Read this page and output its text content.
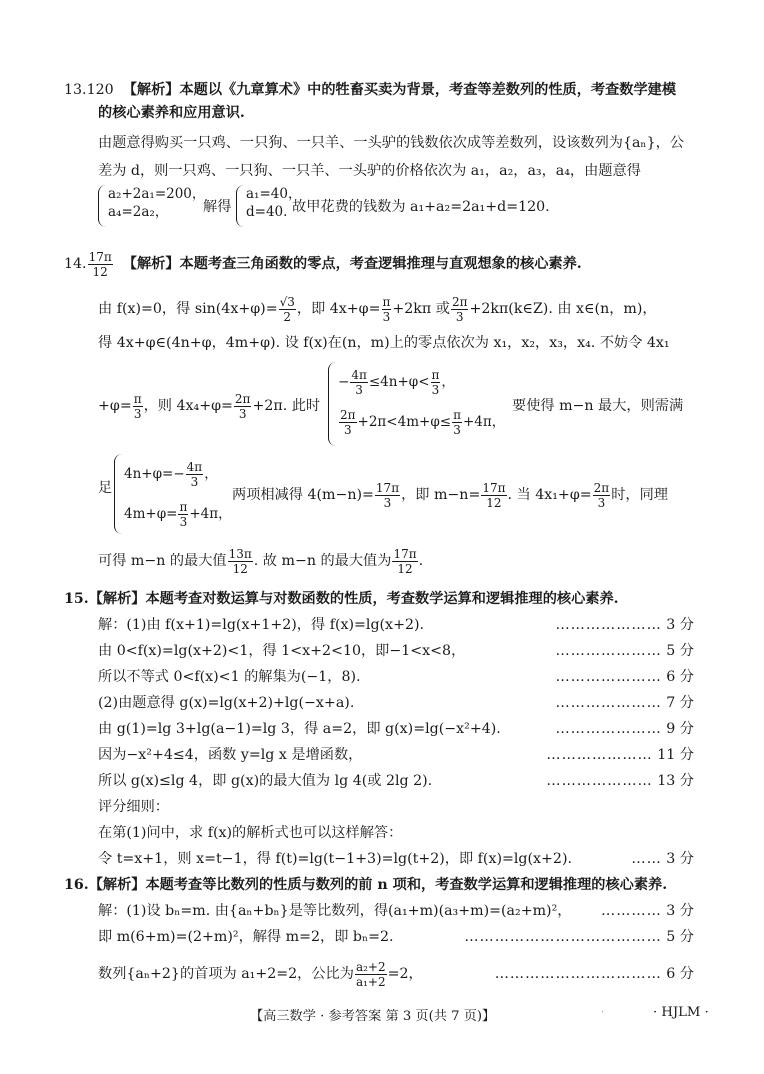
13.120 【解析】本题以《九章算术》中的牲畜买卖为背景，考查等差数列的性质，考查数学建模
的核心素养和应用意识.
由题意得购买一只鸡、一只狗、一只羊、一头驴的钱数依次成等差数列，设该数列为{aₙ}，公
差为 d，则一只鸡、一只狗、一只羊、一头驴的价格依次为 a₁，a₂，a₃，a₄，由题意得
a₂+2a₁=200，
a₄=2a₂，	解得
a₁=40，
d=40. 故甲花费的钱数为 a₁+a₂=2a₁+d=120.
14. $\frac{17\pi}{12}$ 【解析】本题考查三角函数的零点，考查逻辑推理与直观想象的核心素养.
由 f(x)=0，得 $\sin(4x+\varphi)= \frac{√3}{2}$ ，即 $4x+\varphi= \frac{\pi}{3} +2k\pi$ 或 $\frac{2\pi}{3}$ +2kπ(k∈Z). 由 x∈(n，m)，
得 4x+φ∈(4n+φ，4m+φ). 设 f(x)在(n，m)上的零点依次为 x₁，x₂，x₃，x₄. 不妨令 4x₁
$+\varphi= \frac{\pi}{3}$ ，则 $4x_4+\varphi= \frac{2\pi}{3} +2\pi$. 此时
− $\frac{4\pi}{3} \le 4n+\varphi< \frac{\pi}{3}$ ，
$\frac{2\pi}{3} +2\pi<4m+\varphi\le \frac{\pi}{3} +4\pi$，
要使得 m−n 最大，则需满
足
$4n+\varphi=- \frac{4\pi}{3}$ ，
$4m+\varphi= \frac{\pi}{3} +4\pi$，
两项相减得 $4(m-n)= \frac{17\pi}{3}$ ，即 $m-n= \frac{17\pi}{12}$ . 当 $4x_1+\varphi= \frac{2\pi}{3}$ 时，同理
可得 m−n 的最大值 $\frac{13\pi}{12}$ . 故 m−n 的最大值为 $\frac{17\pi}{12}$ .
15.【解析】本题考查对数运算与对数函数的性质，考查数学运算和逻辑推理的核心素养.
解：(1)由 f(x+1)=lg(x+1+2)，得 f(x)=lg(x+2).	………………… 3 分
由 0<f(x)=lg(x+2)<1，得 1<x+2<10，即−1<x<8，	………………… 5 分
所以不等式 0<f(x)<1 的解集为(−1，8).	………………… 6 分
(2)由题意得 g(x)=lg(x+2)+lg(−x+a).	………………… 7 分
由 g(1)=lg 3+lg(a−1)=lg 3，得 a=2，即 g(x)=lg(−x²+4).	………………… 9 分
因为−x²+4≤4，函数 y=lg x 是增函数，	………………… 11 分
所以 g(x)≤lg 4，即 g(x)的最大值为 lg 4(或 2lg 2).	………………… 13 分
评分细则：
在第(1)问中，求 f(x)的解析式也可以这样解答：
令 t=x+1，则 x=t−1，得 f(t)=lg(t−1+3)=lg(t+2)，即 f(x)=lg(x+2).	…… 3 分
16.【解析】本题考查等比数列的性质与数列的前 n 项和，考查数学运算和逻辑推理的核心素养.
解：(1)设 bₙ=m. 由{aₙ+bₙ}是等比数列，得(a₁+m)(a₃+m)=(a₂+m)²，	………… 3 分
即 m(6+m)=(2+m)²，解得 m=2，即 bₙ=2.	………………………………… 5 分
数列{aₙ+2}的首项为 a₁+2=2，公比为 $\frac{\text{a₂+2}}{\text{a₁+2}} =2$，	…………………………… 6 分
【高三数学 · 参考答案 第 3 页(共 7 页)】	.	· HJLM ·
